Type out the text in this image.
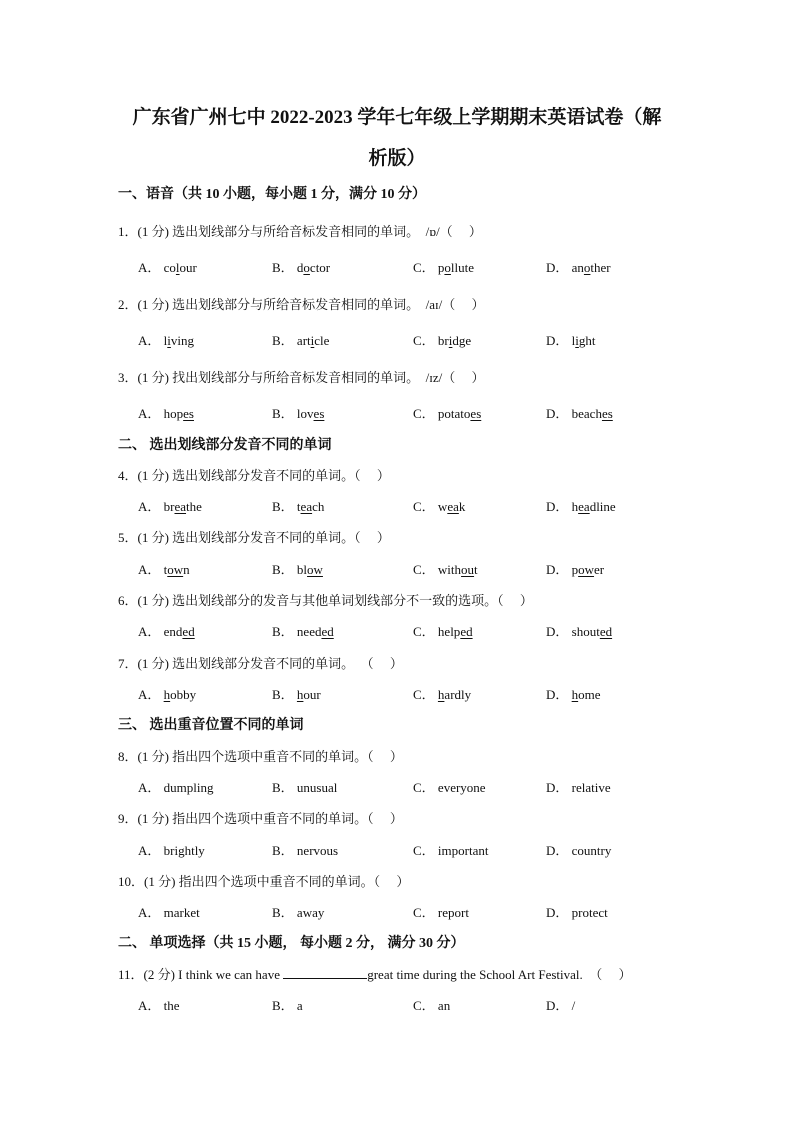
广东省广州七中 2022-2023 学年七年级上学期期末英语试卷（解
析版）
一、语音（共 10 小题，每小题 1 分，满分 10 分）
1．(1 分) 选出划线部分与所给音标发音相同的单词。  /ɒ/（     ）
A． colour	B． doctor	C． pollute	D． another
2．(1 分) 选出划线部分与所给音标发音相同的单词。  /aɪ/（     ）
A． living	B． article	C． bridge	D． light
3．(1 分) 找出划线部分与所给音标发音相同的单词。  /ɪz/（     ）
A． hopes	B． loves	C． potatoes	D． beaches
二、 选出划线部分发音不同的单词
4．(1 分) 选出划线部分发音不同的单词。（     ）
A． breathe	B． teach	C． weak	D． headline
5．(1 分) 选出划线部分发音不同的单词。（     ）
A． town	B． blow	C． without	D． power
6．(1 分) 选出划线部分的发音与其他单词划线部分不一致的选项。（     ）
A． ended	B． needed	C． helped	D． shouted
7．(1 分) 选出划线部分发音不同的单词。  （     ）
A． hobby	B． hour	C． hardly	D． home
三、 选出重音位置不同的单词
8．(1 分) 指出四个选项中重音不同的单词。（     ）
A． dumpling	B． unusual	C． everyone	D． relative
9．(1 分) 指出四个选项中重音不同的单词。（     ）
A． brightly	B． nervous	C． important	D． country
10．(1 分) 指出四个选项中重音不同的单词。（     ）
A． market	B． away	C． report	D． protect
二、 单项选择（共 15 小题， 每小题 2 分， 满分 30 分）
11．(2 分) I think we can have	great time during the School Art Festival.  （     ）
A． the	B． a	C． an	D． /
